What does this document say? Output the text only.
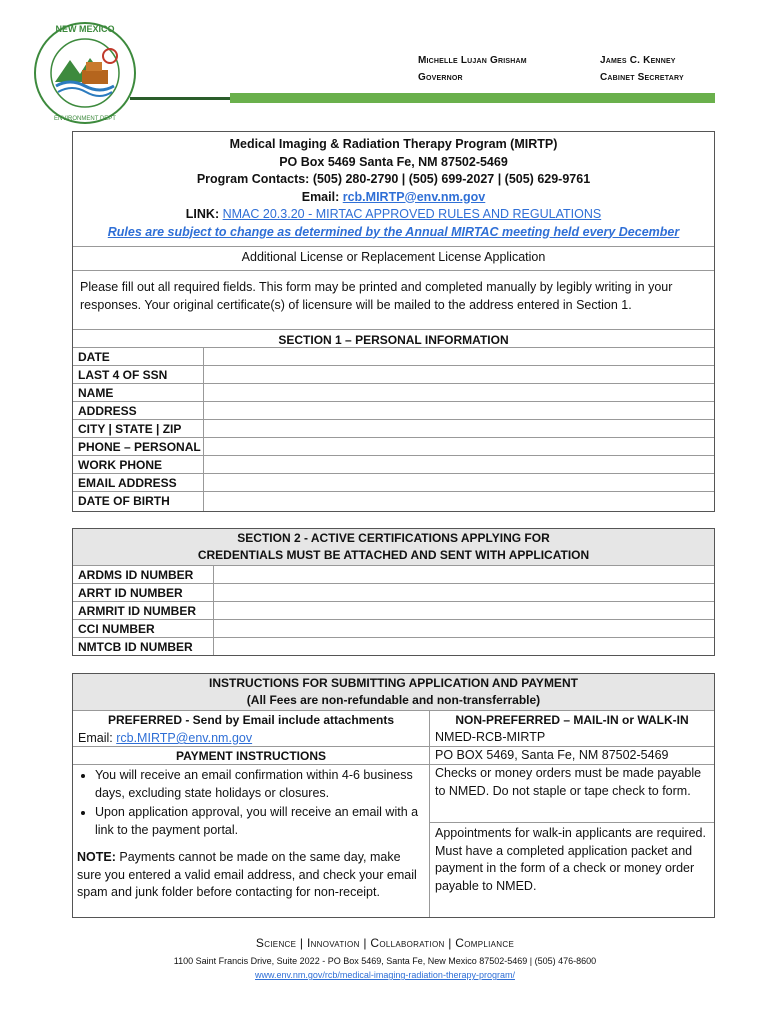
NEW MEXICO
ENVIRONMENT DEPT
Michelle Lujan Grisham
Governor
James C. Kenney
Cabinet Secretary
Medical Imaging & Radiation Therapy Program (MIRTP)
PO Box 5469 Santa Fe, NM 87502-5469
Program Contacts: (505) 280-2790 | (505) 699-2027 | (505) 629-9761
Email: rcb.MIRTP@env.nm.gov
LINK: NMAC 20.3.20 - MIRTAC APPROVED RULES AND REGULATIONS
Rules are subject to change as determined by the Annual MIRTAC meeting held every December
Additional License or Replacement License Application
Please fill out all required fields. This form may be printed and completed manually by legibly writing in your responses. Your original certificate(s) of licensure will be mailed to the address entered in Section 1.
SECTION 1 – PERSONAL INFORMATION
DATE
LAST 4 OF SSN
NAME
ADDRESS
CITY | STATE | ZIP
PHONE – PERSONAL
WORK PHONE
EMAIL ADDRESS
DATE OF BIRTH
SECTION 2 - ACTIVE CERTIFICATIONS APPLYING FOR
CREDENTIALS MUST BE ATTACHED AND SENT WITH APPLICATION
ARDMS ID NUMBER
ARRT ID NUMBER
ARMRIT ID NUMBER
CCI NUMBER
NMTCB ID NUMBER
INSTRUCTIONS FOR SUBMITTING APPLICATION AND PAYMENT
(All Fees are non-refundable and non-transferrable)
PREFERRED - Send by Email include attachments
Email: rcb.MIRTP@env.nm.gov
PAYMENT INSTRUCTIONS
• You will receive an email confirmation within 4-6 business days, excluding state holidays or closures.
• Upon application approval, you will receive an email with a link to the payment portal.
NOTE: Payments cannot be made on the same day, make sure you entered a valid email address, and check your email spam and junk folder before contacting for non-receipt.
NON-PREFERRED – MAIL-IN or WALK-IN
NMED-RCB-MIRTP
PO BOX 5469, Santa Fe, NM 87502-5469
Checks or money orders must be made payable to NMED. Do not staple or tape check to form.
Appointments for walk-in applicants are required. Must have a completed application packet and payment in the form of a check or money order payable to NMED.
Science | Innovation | Collaboration | Compliance
1100 Saint Francis Drive, Suite 2022 - PO Box 5469, Santa Fe, New Mexico 87502-5469 | (505) 476-8600
www.env.nm.gov/rcb/medical-imaging-radiation-therapy-program/
